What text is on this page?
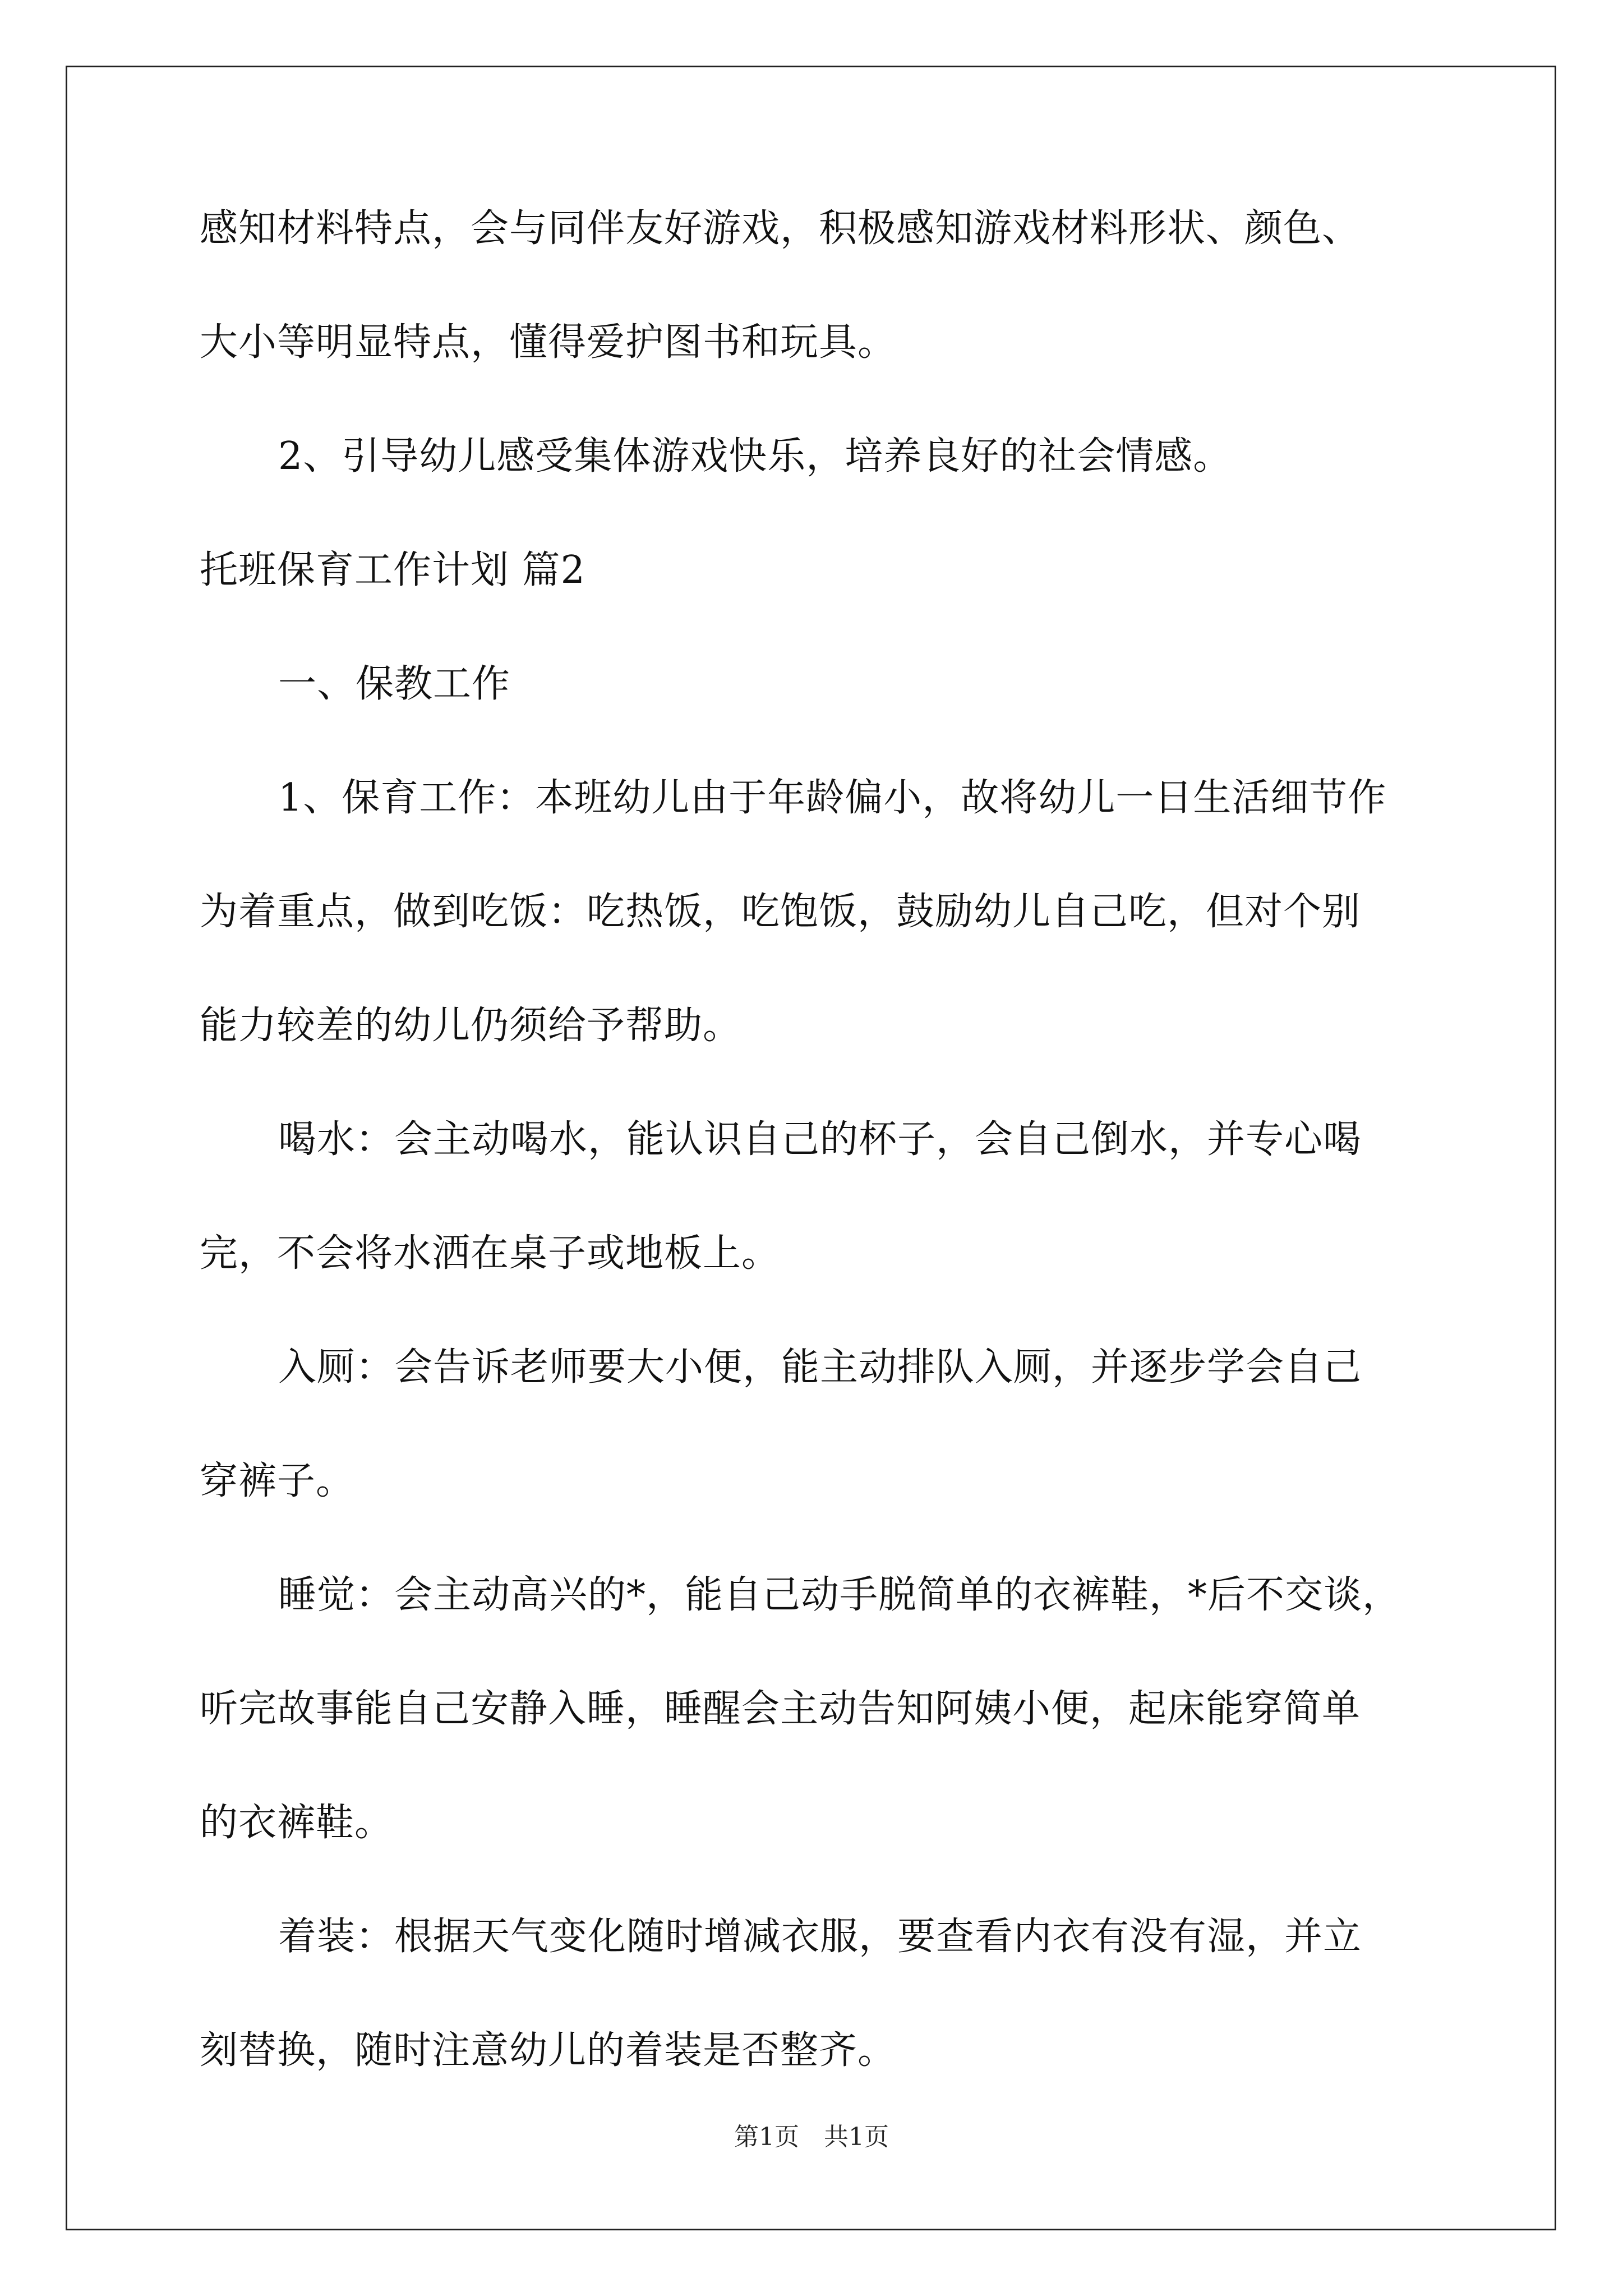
感知材料特点，会与同伴友好游戏，积极感知游戏材料形状、颜色、
大小等明显特点，懂得爱护图书和玩具。
2、引导幼儿感受集体游戏快乐，培养良好的社会情感。
托班保育工作计划 篇2
一、保教工作
1、保育工作：本班幼儿由于年龄偏小，故将幼儿一日生活细节作
为着重点，做到吃饭：吃热饭，吃饱饭，鼓励幼儿自己吃，但对个别
能力较差的幼儿仍须给予帮助。
喝水：会主动喝水，能认识自己的杯子，会自己倒水，并专心喝
完，不会将水洒在桌子或地板上。
入厕：会告诉老师要大小便，能主动排队入厕，并逐步学会自己
穿裤子。
睡觉：会主动高兴的*，能自己动手脱简单的衣裤鞋，*后不交谈，
听完故事能自己安静入睡，睡醒会主动告知阿姨小便，起床能穿简单
的衣裤鞋。
着装：根据天气变化随时增减衣服，要查看内衣有没有湿，并立
刻替换，随时注意幼儿的着装是否整齐。
第1页　共1页
